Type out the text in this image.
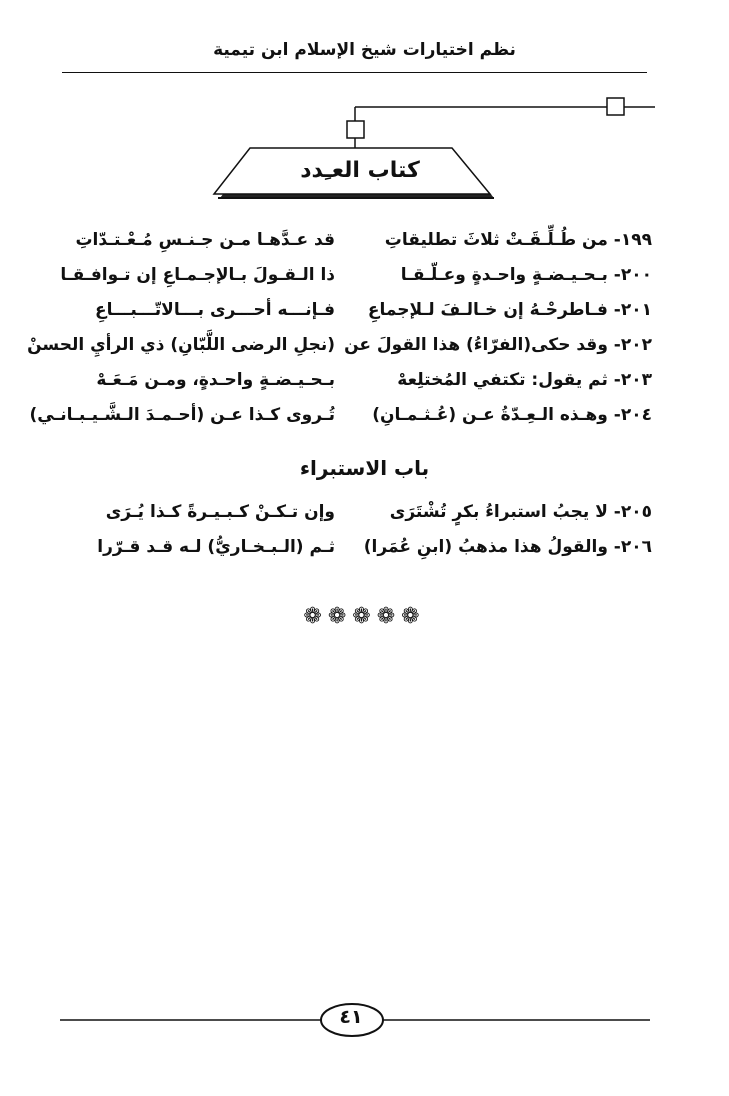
نظم اختيارات شيخ الإسلام ابن تيمية
كتاب العـِدد
١٩٩- من طُـلِّـقَـتْ ثلاثَ تطليقاتِ
قد عـدَّهـا مـن جـنـسِ مُـعْـتـدّاتِ
٢٠٠- بـحـيـضـةٍ واحـدةٍ وعـلّـقـا
ذا الـقـولَ بـالإجـمـاعِ إن تـوافـقـا
٢٠١- فـاطرحْـهُ إن خـالـفَ لـلإجماعِ
فـإنـــه أحـــرى بـــالاتّـــبـــاعِ
٢٠٢- وقد حكى(الفرّاءُ) هذا القولَ عن
(نجلِ الرضى اللَّبّانِ) ذي الرأيِ الحسنْ
٢٠٣- ثم يقول: تكتفي المُختلِعهْ
بـحـيـضـةٍ واحـدةٍ، ومـن مَـعَـهْ
٢٠٤- وهـذه الـعِـدّةُ عـن (عُـثـمـانِ)
تُـروى كـذا عـن (أحـمـدَ الـشَّـيـبـانـي)
باب الاستبراء
٢٠٥- لا يجبُ استبراءُ بكرٍ تُشْتَرَى
وإن تـكـنْ كـبـيـرةً كـذا يُـرَى
٢٠٦- والقولُ هذا مذهبُ (ابنِ عُمَرا)
ثـم (الـبـخـاريُّ) لـه قـد قـرّرا
❁❁❁❁❁
٤١
